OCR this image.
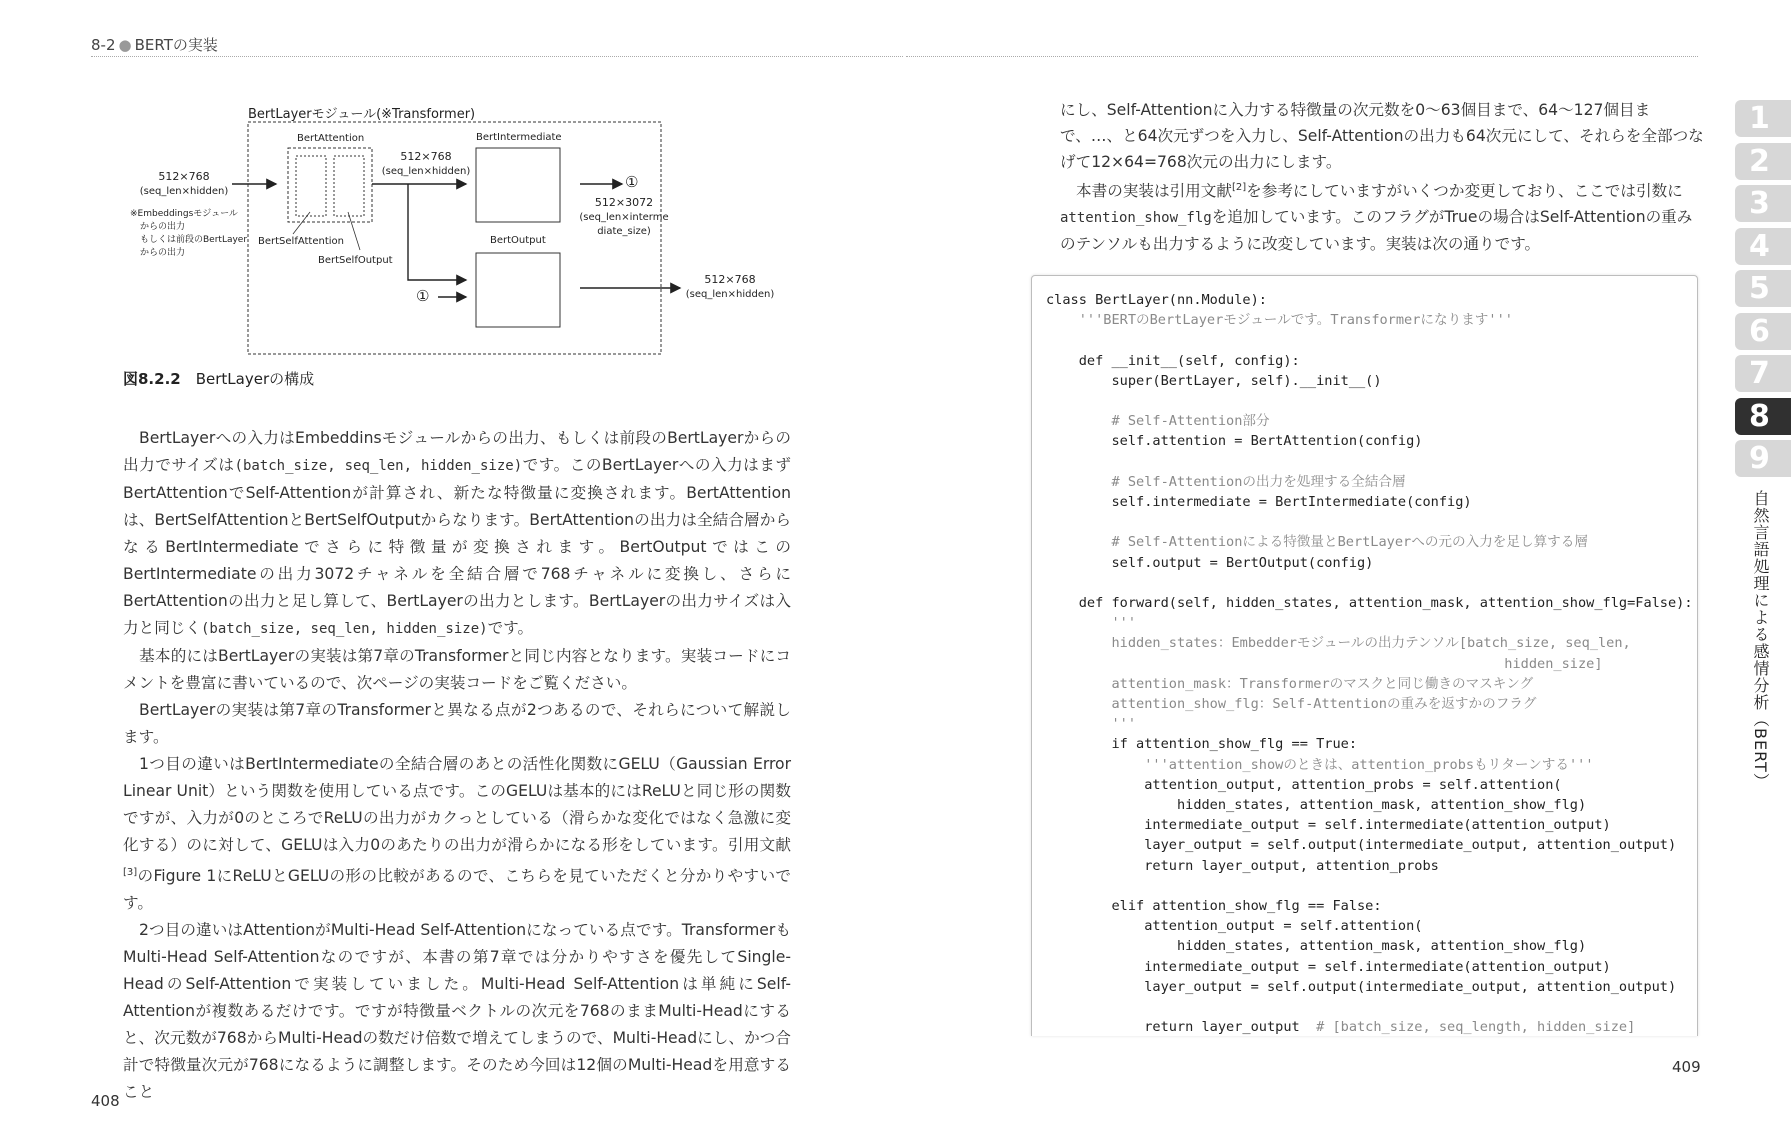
8-2 ● BERTの実装
BertLayerモジュール(※Transformer)
512×768
(seq_len×hidden)
※Embeddingsモジュール
からの出力
もしくは前段のBertLayer
からの出力
BertAttention
BertSelfAttention
BertSelfOutput
512×768
(seq_len×hidden)
BertIntermediate
①
512×3072
(seq_len×interme
diate_size)
BertOutput
①
512×768
(seq_len×hidden)
図8.2.2　 BertLayerの構成

BertLayerへの入力はEmbeddinsモジュールからの出力、もしくは前段のBertLayerからの出力でサイズは(batch_size, seq_len, hidden_size)です。このBertLayerへの入力はまずBertAttentionでSelf-Attentionが計算され、新たな特徴量に変換されます。BertAttentionは、BertSelfAttentionとBertSelfOutputからなります。BertAttentionの出力は全結合層からなるBertIntermediateでさらに特徴量が変換されます。BertOutputではこのBertIntermediateの出力3072チャネルを全結合層で768チャネルに変換し、さらにBertAttentionの出力と足し算して、BertLayerの出力とします。BertLayerの出力サイズは入力と同じく(batch_size, seq_len, hidden_size)です。

基本的にはBertLayerの実装は第7章のTransformerと同じ内容となります。実装コードにコメントを豊富に書いているので、次ページの実装コードをご覧ください。

BertLayerの実装は第7章のTransformerと異なる点が2つあるので、それらについて解説します。

1つ目の違いはBertIntermediateの全結合層のあとの活性化関数にGELU（Gaussian Error Linear Unit）という関数を使用している点です。このGELUは基本的にはReLUと同じ形の関数ですが、入力が0のところでReLUの出力がカクっとしている（滑らかな変化ではなく急激に変化する）のに対して、GELUは入力0のあたりの出力が滑らかになる形をしています。引用文献[3]のFigure 1にReLUとGELUの形の比較があるので、こちらを見ていただくと分かりやすいです。

2つ目の違いはAttentionがMulti-Head Self-Attentionになっている点です。TransformerもMulti-Head Self-Attentionなのですが、本書の第7章では分かりやすさを優先してSingle-HeadのSelf-Attentionで実装していました。Multi-Head Self-Attentionは単純にSelf-Attentionが複数あるだけです。ですが特徴量ベクトルの次元を768のままMulti-Headにすると、次元数が768からMulti-Headの数だけ倍数で増えてしまうので、Multi-Headにし、かつ合計で特徴量次元が768になるように調整します。そのため今回は12個のMulti-Headを用意すること

408

にし、Self-Attentionに入力する特徴量の次元数を0～63個目まで、64～127個目まで、…、と64次元ずつを入力し、Self-Attentionの出力も64次元にして、それらを全部つなげて12×64=768次元の出力にします。

本書の実装は引用文献[2]を参考にしていますがいくつか変更しており、ここでは引数にattention_show_flgを追加しています。このフラグがTrueの場合はSelf-Attentionの重みのテンソルも出力するように改変しています。実装は次の通りです。

class BertLayer(nn.Module):
'''BERTのBertLayerモジュールです。Transformerになります'''
def __init__(self, config):
super(BertLayer, self).__init__()
# Self-Attention部分
self.attention = BertAttention(config)
# Self-Attentionの出力を処理する全結合層
self.intermediate = BertIntermediate(config)
# Self-Attentionによる特徴量とBertLayerへの元の入力を足し算する層
self.output = BertOutput(config)
def forward(self, hidden_states, attention_mask, attention_show_flg=False):
'''
hidden_states：Embedderモジュールの出力テンソル[batch_size, seq_len,
hidden_size]
attention_mask：Transformerのマスクと同じ働きのマスキング
attention_show_flg：Self-Attentionの重みを返すかのフラグ
'''
if attention_show_flg == True:
'''attention_showのときは、attention_probsもリターンする'''
attention_output, attention_probs = self.attention(
hidden_states, attention_mask, attention_show_flg)
intermediate_output = self.intermediate(attention_output)
layer_output = self.output(intermediate_output, attention_output)
return layer_output, attention_probs
elif attention_show_flg == False:
attention_output = self.attention(
hidden_states, attention_mask, attention_show_flg)
intermediate_output = self.intermediate(attention_output)
layer_output = self.output(intermediate_output, attention_output)
return layer_output  # [batch_size, seq_length, hidden_size]
409
1
2
3
4
5
6
7
8
9
自然言語処理による感情分析（BERT）
